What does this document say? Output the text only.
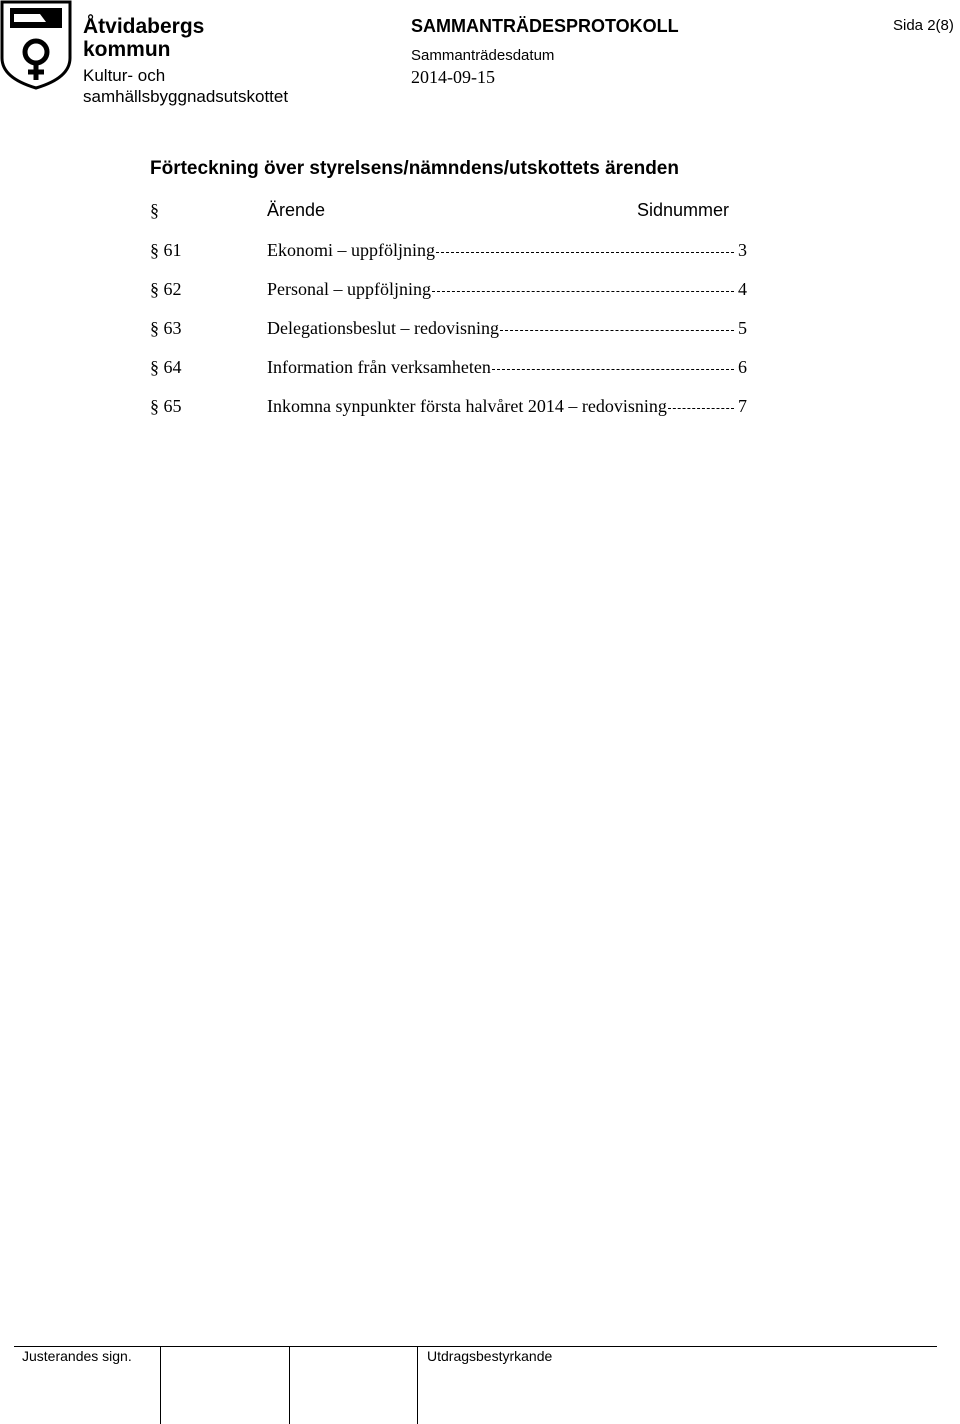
Åtvidabergs
kommun
Kultur- och
samhällsbyggnadsutskottet
SAMMANTRÄDESPROTOKOLL
Sammanträdesdatum
2014-09-15
Sida 2(8)
Förteckning över styrelsens/nämndens/utskottets ärenden
§	Ärende	Sidnummer
§ 61	Ekonomi – uppföljning	3
§ 62	Personal – uppföljning	4
§ 63	Delegationsbeslut – redovisning	5
§ 64	Information från verksamheten	6
§ 65	Inkomna synpunkter första halvåret 2014 – redovisning	7
Justerandes sign.	Utdragsbestyrkande
